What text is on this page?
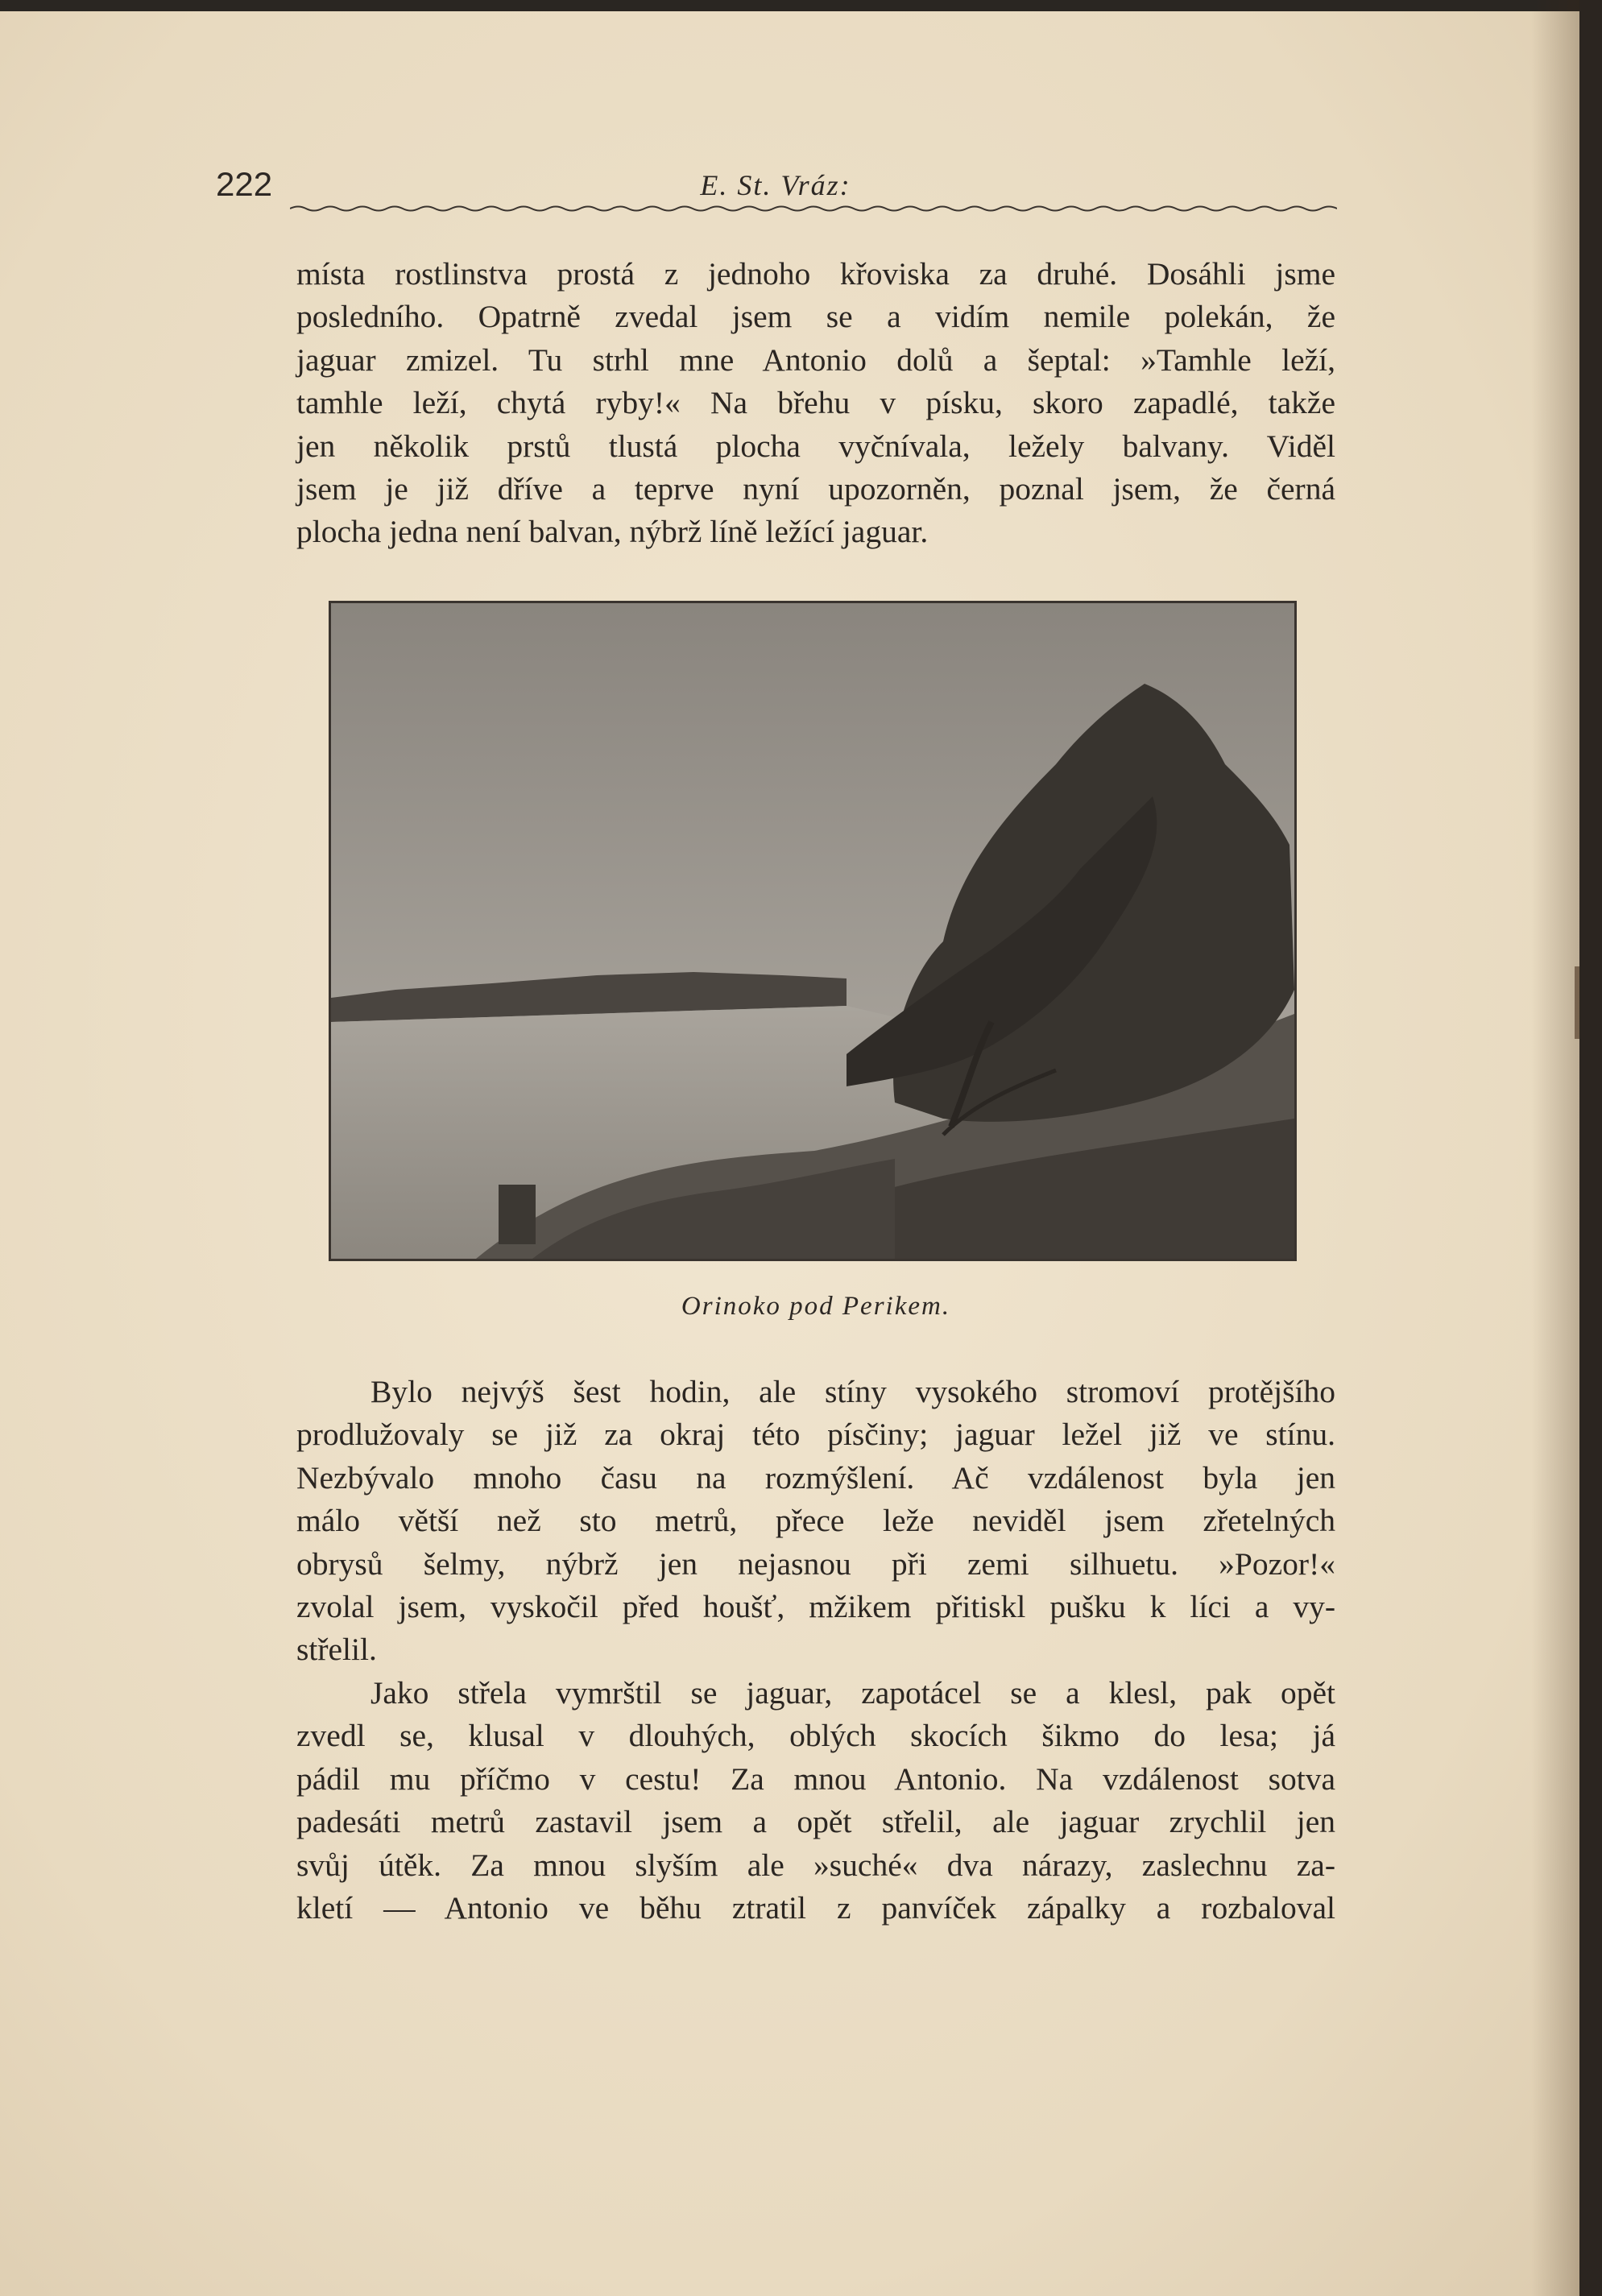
222	E. St. Vráz:
místa rostlinstva prostá z jednoho křoviska za druhé. Dosáhli jsme
posledního. Opatrně zvedal jsem se a vidím nemile polekán, že
jaguar zmizel. Tu strhl mne Antonio dolů a šeptal: »Tamhle leží,
tamhle leží, chytá ryby!« Na břehu v písku, skoro zapadlé, takže
jen několik prstů tlustá plocha vyčnívala, ležely balvany. Viděl
jsem je již dříve a teprve nyní upozorněn, poznal jsem, že černá
plocha jedna není balvan, nýbrž líně ležící jaguar.
Orinoko pod Perikem.
Bylo nejvýš šest hodin, ale stíny vysokého stromoví protějšího
prodlužovaly se již za okraj této písčiny; jaguar ležel již ve stínu.
Nezbývalo mnoho času na rozmýšlení. Ač vzdálenost byla jen
málo větší než sto metrů, přece leže neviděl jsem zřetelných
obrysů šelmy, nýbrž jen nejasnou při zemi silhuetu. »Pozor!«
zvolal jsem, vyskočil před houšť, mžikem přitiskl pušku k líci a vy-
střelil.
Jako střela vymrštil se jaguar, zapotácel se a klesl, pak opět
zvedl se, klusal v dlouhých, oblých skocích šikmo do lesa; já
pádil mu příčmo v cestu! Za mnou Antonio. Na vzdálenost sotva
padesáti metrů zastavil jsem a opět střelil, ale jaguar zrychlil jen
svůj útěk. Za mnou slyším ale »suché« dva nárazy, zaslechnu za-
kletí — Antonio ve běhu ztratil z panvíček zápalky a rozbaloval
